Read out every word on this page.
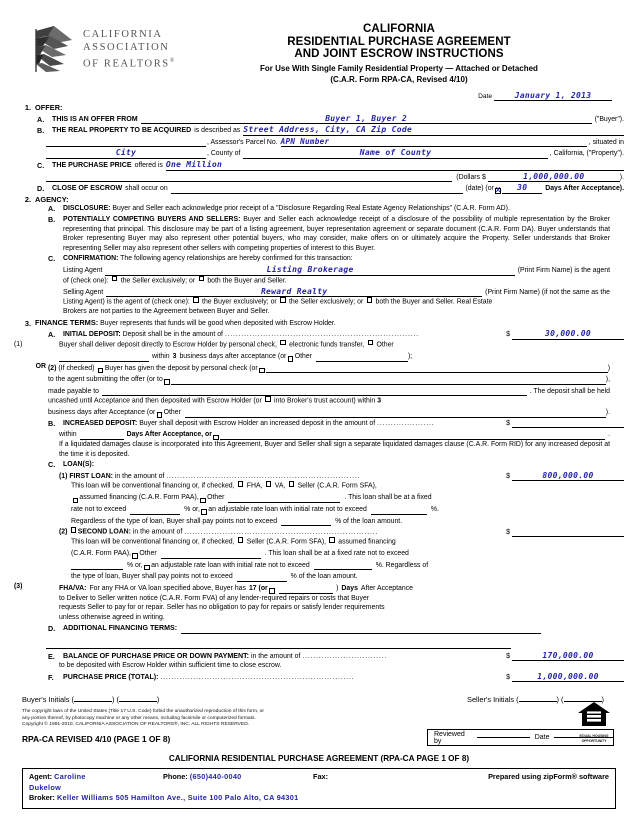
CALIFORNIA
ASSOCIATION
OF REALTORS®
CALIFORNIA
RESIDENTIAL PURCHASE AGREEMENT
AND JOINT ESCROW INSTRUCTIONS
For Use With Single Family Residential Property — Attached or Detached
(C.A.R. Form RPA-CA, Revised 4/10)
Date	January 1, 2013
1. OFFER:
A.	THIS IS AN OFFER FROM	Buyer 1, Buyer 2	("Buyer").
B.	THE REAL PROPERTY TO BE ACQUIRED is described as Street Address, City, CA Zip Code

, Assessor's Parcel No. APN Number	, situated in
City	, County of	Name of County	, California, ("Property").
C.	THE PURCHASE PRICE offered is One Million

(Dollars $	1,000,000.00	).
D.	CLOSE OF ESCROW shall occur on
	(date) (or X	30	Days After Acceptance).
2. AGENCY:
A.	DISCLOSURE: Buyer and Seller each acknowledge prior receipt of a "Disclosure Regarding Real Estate Agency Relationships" (C.A.R. Form AD).
B.	POTENTIALLY COMPETING BUYERS AND SELLERS: Buyer and Seller each acknowledge receipt of a disclosure of the possibility of multiple representation by the Broker representing that principal. This disclosure may be part of a listing agreement, buyer representation agreement or separate document (C.A.R. Form DA). Buyer understands that Broker representing Buyer may also represent other potential buyers, who may consider, make offers on or ultimately acquire the Property. Seller understands that Broker representing Seller may also represent other sellers with competing properties of interest to this Buyer.
C.	CONFIRMATION: The following agency relationships are hereby confirmed for this transaction:
Listing Agent	Listing Brokerage	(Print Firm Name) is the agent
of (check one): the Seller exclusively; or both the Buyer and Seller.
Selling Agent	Reward Realty	(Print Firm Name) (if not the same as the
Listing Agent) is the agent of (check one): the Buyer exclusively; or the Seller exclusively; or both the Buyer and Seller. Real Estate
Brokers are not parties to the Agreement between Buyer and Seller.
3. FINANCE TERMS: Buyer represents that funds will be good when deposited with Escrow Holder.
A.	INITIAL DEPOSIT: Deposit shall be in the amount of .......................................................................	$	30,000.00
(1)	Buyer shall deliver deposit directly to Escrow Holder by personal check, electronic funds transfer, Other

within 3 business days after acceptance (or Other
	);
OR (2) (If checked) Buyer has given the deposit by personal check (or
	)
to the agent submitting the offer (or to
	),
made payable to
	. The deposit shall be held
uncashed until Acceptance and then deposited with Escrow Holder (or into Broker's trust account) within 3
business days after Acceptance (or Other
	).
B.	INCREASED DEPOSIT: Buyer shall deposit with Escrow Holder an increased deposit in the amount of .....................	$
within
	Days After Acceptance, or
	.
If a liquidated damages clause is incorporated into this Agreement, Buyer and Seller shall sign a separate liquidated damages clause (C.A.R. Form RID) for any increased deposit at the time it is deposited.
C.	LOAN(S):
(1) FIRST LOAN: in the amount of .......................................................................	$	800,000.00
This loan will be conventional financing or, if checked, FHA, VA, Seller (C.A.R. Form SFA),
assumed financing (C.A.R. Form PAA), Other
	. This loan shall be at a fixed
rate not to exceed
	% or, an adjustable rate loan with initial rate not to exceed
	%.
Regardless of the type of loan, Buyer shall pay points not to exceed
	% of the loan amount.
(2) SECOND LOAN: in the amount of .......................................................................	$
This loan will be conventional financing or, if checked, Seller (C.A.R. Form SFA), assumed financing
(C.A.R. Form PAA), Other
	. This loan shall be at a fixed rate not to exceed

% or, an adjustable rate loan with initial rate not to exceed
	%. Regardless of
the type of loan, Buyer shall pay points not to exceed
	% of the loan amount.
(3)	FHA/VA: For any FHA or VA loan specified above, Buyer has 17 (or
	) Days After Acceptance
to Deliver to Seller written notice (C.A.R. Form FVA) of any lender-required repairs or costs that Buyer
requests Seller to pay for or repair. Seller has no obligation to pay for repairs or satisfy lender requirements
unless otherwise agreed in writing.
D.	ADDITIONAL FINANCING TERMS:

E.	BALANCE OF PURCHASE PRICE OR DOWN PAYMENT: in the amount of ...............................	$	170,000.00
to be deposited with Escrow Holder within sufficient time to close escrow.
F.	PURCHASE PRICE (TOTAL): .......................................................................	$	1,000,000.00
Buyer's Initials (	) (	)	Seller's Initials (	) (	)
The copyright laws of the United States (Title 17 U.S. Code) forbid the unauthorized reproduction of this form, or
any portion thereof, by photocopy machine or any other means, including facsimile or computerized formats.
Copyright © 1991-2010, CALIFORNIA ASSOCIATION OF REALTORS®, INC. ALL RIGHTS RESERVED.
RPA-CA REVISED 4/10 (PAGE 1 OF 8)	EQUAL HOUSING
OPPORTUNITY
Reviewed by	Date
CALIFORNIA RESIDENTIAL PURCHASE AGREEMENT (RPA-CA PAGE 1 OF 8)
Agent: Caroline Dukelow
Phone: (650)440-0040	Fax:	Prepared using zipForm® software
Broker: Keller Williams 505 Hamilton Ave., Suite 100 Palo Alto, CA 94301
